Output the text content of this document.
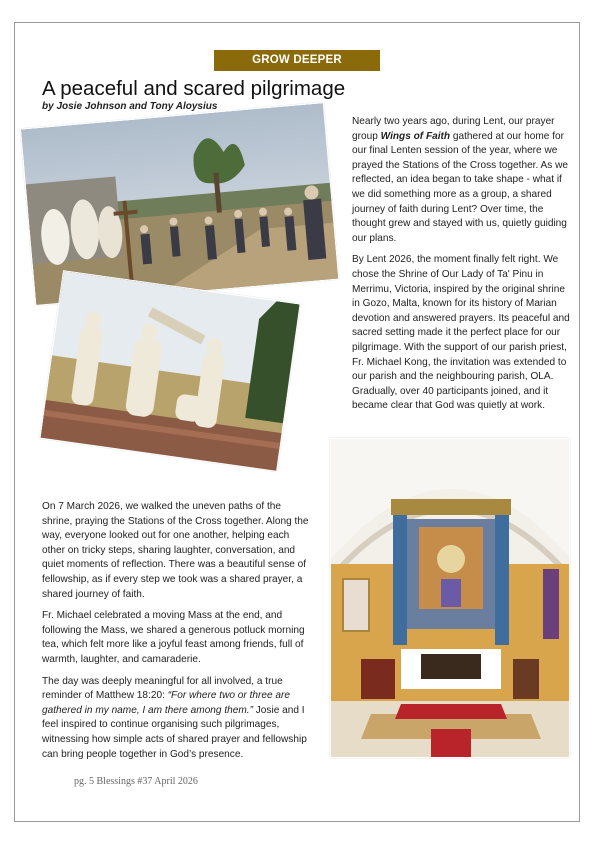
GROW DEEPER
A peaceful and scared pilgrimage
by Josie Johnson and Tony Aloysius

Nearly two years ago, during Lent, our prayer group Wings of Faith gathered at our home for our final Lenten session of the year, where we prayed the Stations of the Cross together. As we reflected, an idea began to take shape - what if we did something more as a group, a shared journey of faith during Lent? Over time, the thought grew and stayed with us, quietly guiding our plans.

By Lent 2026, the moment finally felt right. We chose the Shrine of Our Lady of Ta' Pinu in Merrimu, Victoria, inspired by the original shrine in Gozo, Malta, known for its history of Marian devotion and answered prayers. Its peaceful and sacred setting made it the perfect place for our pilgrimage. With the support of our parish priest, Fr. Michael Kong, the invitation was extended to our parish and the neighbouring parish, OLA. Gradually, over 40 participants joined, and it became clear that God was quietly at work.

On 7 March 2026, we walked the uneven paths of the shrine, praying the Stations of the Cross together. Along the way, everyone looked out for one another, helping each other on tricky steps, sharing laughter, conversation, and quiet moments of reflection. There was a beautiful sense of fellowship, as if every step we took was a shared prayer, a shared journey of faith.

Fr. Michael celebrated a moving Mass at the end, and following the Mass, we shared a generous potluck morning tea, which felt more like a joyful feast among friends, full of warmth, laughter, and camaraderie.

The day was deeply meaningful for all involved, a true reminder of Matthew 18:20: “For where two or three are gathered in my name, I am there among them.” Josie and I feel inspired to continue organising such pilgrimages, witnessing how simple acts of shared prayer and fellowship can bring people together in God’s presence.

pg. 5 Blessings #37 April 2026
